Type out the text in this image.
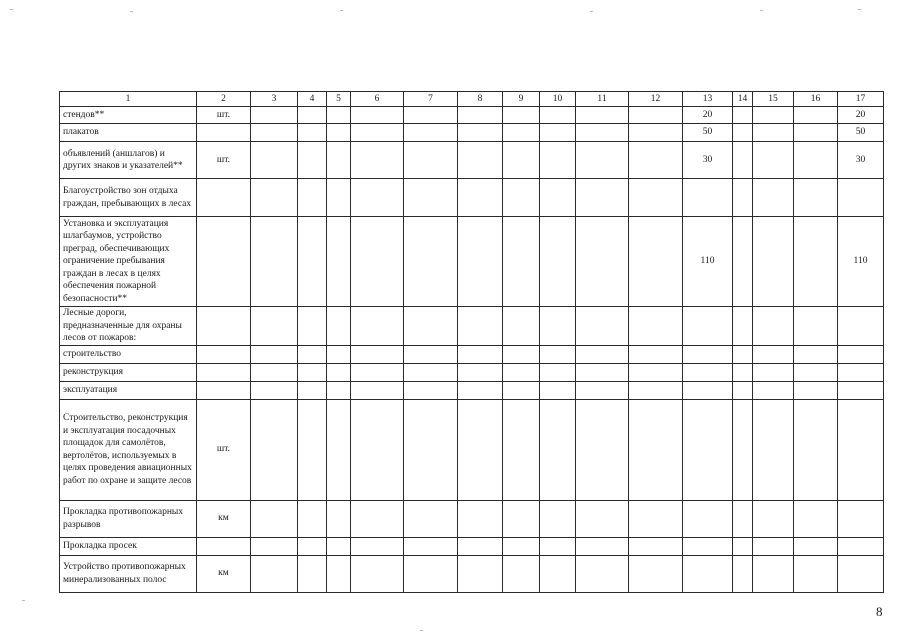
1	2	3	4	5	6	7	8	9	10	11	12	13	14	15	16	17
стендов**	шт.											20				20
плакатов												50				50
объявлений (аншлагов) и других знаков и указателей**	шт.											30				30
Благоустройство зон отдыха граждан, пребывающих в лесах																
Установка и эксплуатация шлагбаумов, устройство преград, обеспечивающих ограничение пребывания граждан в лесах в целях обеспечения пожарной безопасности**												110				110
Лесные дороги, предназначенные для охраны лесов от пожаров:																
строительство																
реконструкция																
эксплуатация																
Строительство, реконструкция и эксплуатация посадочных площадок для самолётов, вертолётов, используемых в целях проведения авиационных работ по охране и защите лесов	шт.															
Прокладка противопожарных разрывов	км															
Прокладка просек																
Устройство противопожарных минерализованных полос	км															
8
